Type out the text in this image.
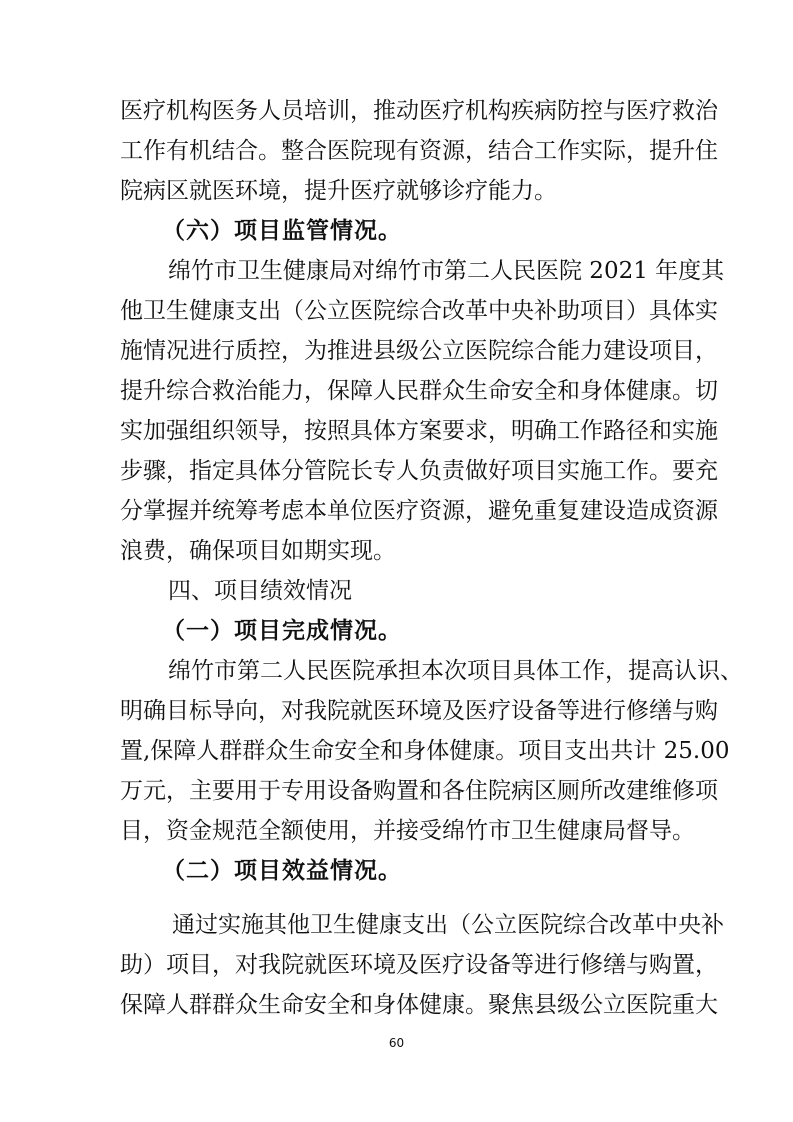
医疗机构医务人员培训，推动医疗机构疾病防控与医疗救治
工作有机结合。整合医院现有资源，结合工作实际，提升住
院病区就医环境，提升医疗就够诊疗能力。
（六）项目监管情况。
绵竹市卫生健康局对绵竹市第二人民医院 2021 年度其
他卫生健康支出（公立医院综合改革中央补助项目）具体实
施情况进行质控，为推进县级公立医院综合能力建设项目，
提升综合救治能力，保障人民群众生命安全和身体健康。切
实加强组织领导，按照具体方案要求，明确工作路径和实施
步骤，指定具体分管院长专人负责做好项目实施工作。要充
分掌握并统筹考虑本单位医疗资源，避免重复建设造成资源
浪费，确保项目如期实现。
四、项目绩效情况
（一）项目完成情况。
绵竹市第二人民医院承担本次项目具体工作，提高认识、
明确目标导向，对我院就医环境及医疗设备等进行修缮与购
置,保障人群群众生命安全和身体健康。项目支出共计 25.00
万元，主要用于专用设备购置和各住院病区厕所改建维修项
目，资金规范全额使用，并接受绵竹市卫生健康局督导。
（二）项目效益情况。
通过实施其他卫生健康支出（公立医院综合改革中央补
助）项目，对我院就医环境及医疗设备等进行修缮与购置，
保障人群群众生命安全和身体健康。聚焦县级公立医院重大
60
